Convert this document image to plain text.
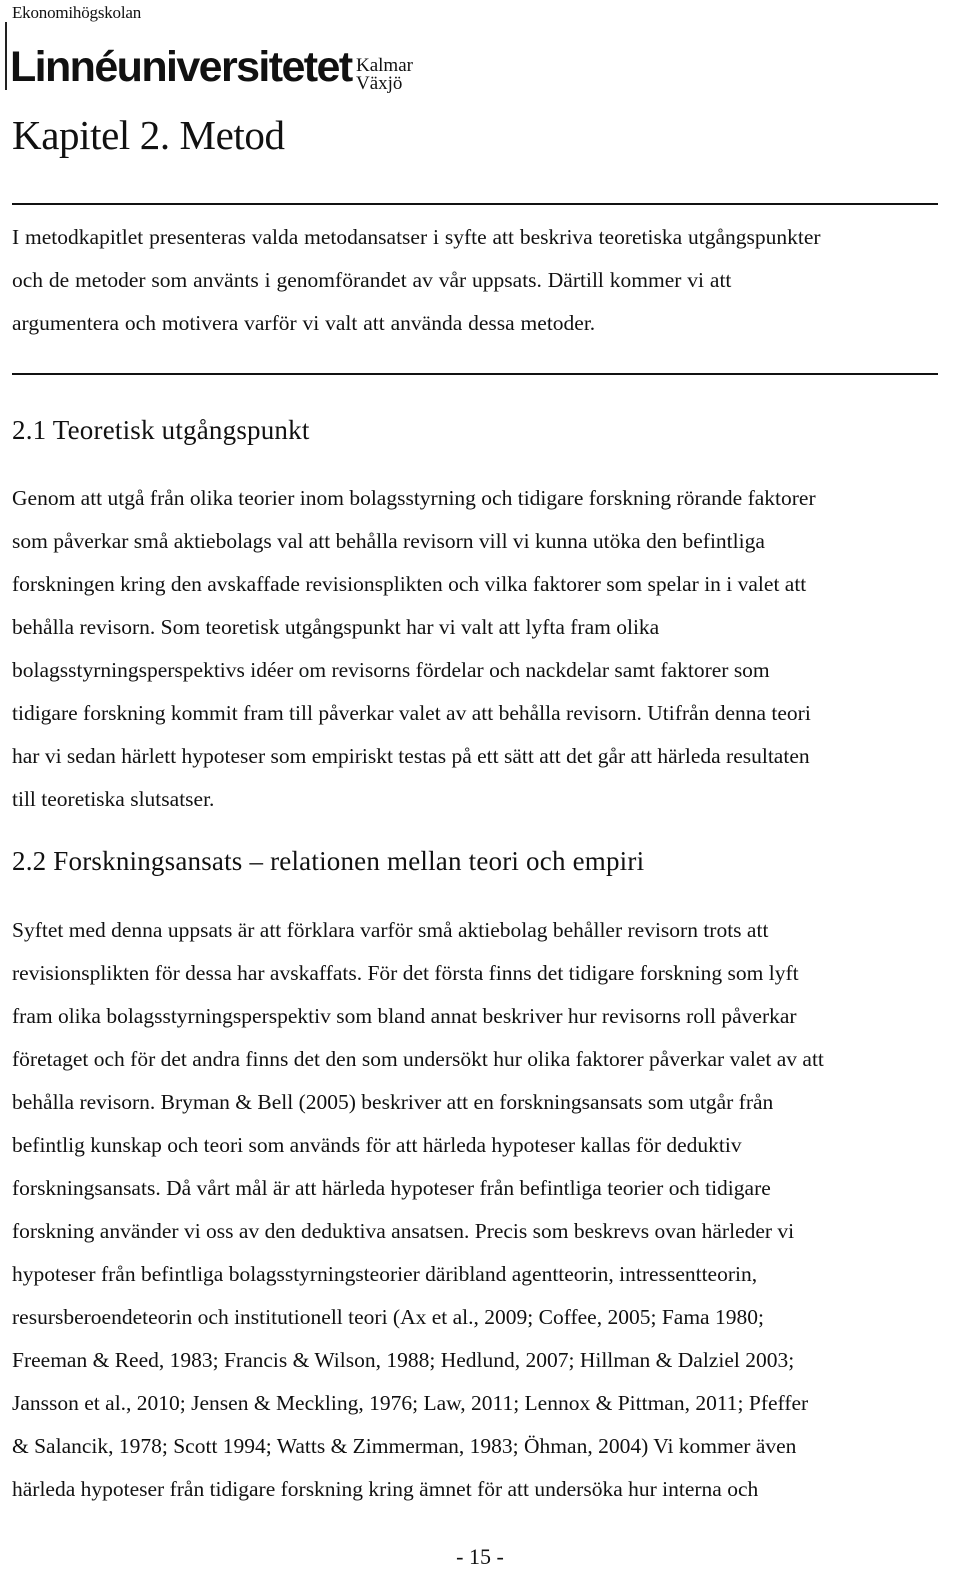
Ekonomihögskolan
Linnéuniversitetet Kalmar
Växjö
Kapitel 2. Metod

I metodkapitlet presenteras valda metodansatser i syfte att beskriva teoretiska utgångspunkter
och de metoder som använts i genomförandet av vår uppsats. Därtill kommer vi att
argumentera och motivera varför vi valt att använda dessa metoder.

2.1 Teoretisk utgångspunkt

Genom att utgå från olika teorier inom bolagsstyrning och tidigare forskning rörande faktorer
som påverkar små aktiebolags val att behålla revisorn vill vi kunna utöka den befintliga
forskningen kring den avskaffade revisionsplikten och vilka faktorer som spelar in i valet att
behålla revisorn. Som teoretisk utgångspunkt har vi valt att lyfta fram olika
bolagsstyrningsperspektivs idéer om revisorns fördelar och nackdelar samt faktorer som
tidigare forskning kommit fram till påverkar valet av att behålla revisorn. Utifrån denna teori
har vi sedan härlett hypoteser som empiriskt testas på ett sätt att det går att härleda resultaten
till teoretiska slutsatser.

2.2 Forskningsansats – relationen mellan teori och empiri

Syftet med denna uppsats är att förklara varför små aktiebolag behåller revisorn trots att
revisionsplikten för dessa har avskaffats. För det första finns det tidigare forskning som lyft
fram olika bolagsstyrningsperspektiv som bland annat beskriver hur revisorns roll påverkar
företaget och för det andra finns det den som undersökt hur olika faktorer påverkar valet av att
behålla revisorn. Bryman & Bell (2005) beskriver att en forskningsansats som utgår från
befintlig kunskap och teori som används för att härleda hypoteser kallas för deduktiv
forskningsansats. Då vårt mål är att härleda hypoteser från befintliga teorier och tidigare
forskning använder vi oss av den deduktiva ansatsen. Precis som beskrevs ovan härleder vi
hypoteser från befintliga bolagsstyrningsteorier däribland agentteorin, intressentteorin,
resursberoendeteorin och institutionell teori (Ax et al., 2009; Coffee, 2005; Fama 1980;
Freeman & Reed, 1983; Francis & Wilson, 1988; Hedlund, 2007; Hillman & Dalziel 2003;
Jansson et al., 2010; Jensen & Meckling, 1976; Law, 2011; Lennox & Pittman, 2011; Pfeffer
& Salancik, 1978; Scott 1994; Watts & Zimmerman, 1983; Öhman, 2004) Vi kommer även
härleda hypoteser från tidigare forskning kring ämnet för att undersöka hur interna och

- 15 -
